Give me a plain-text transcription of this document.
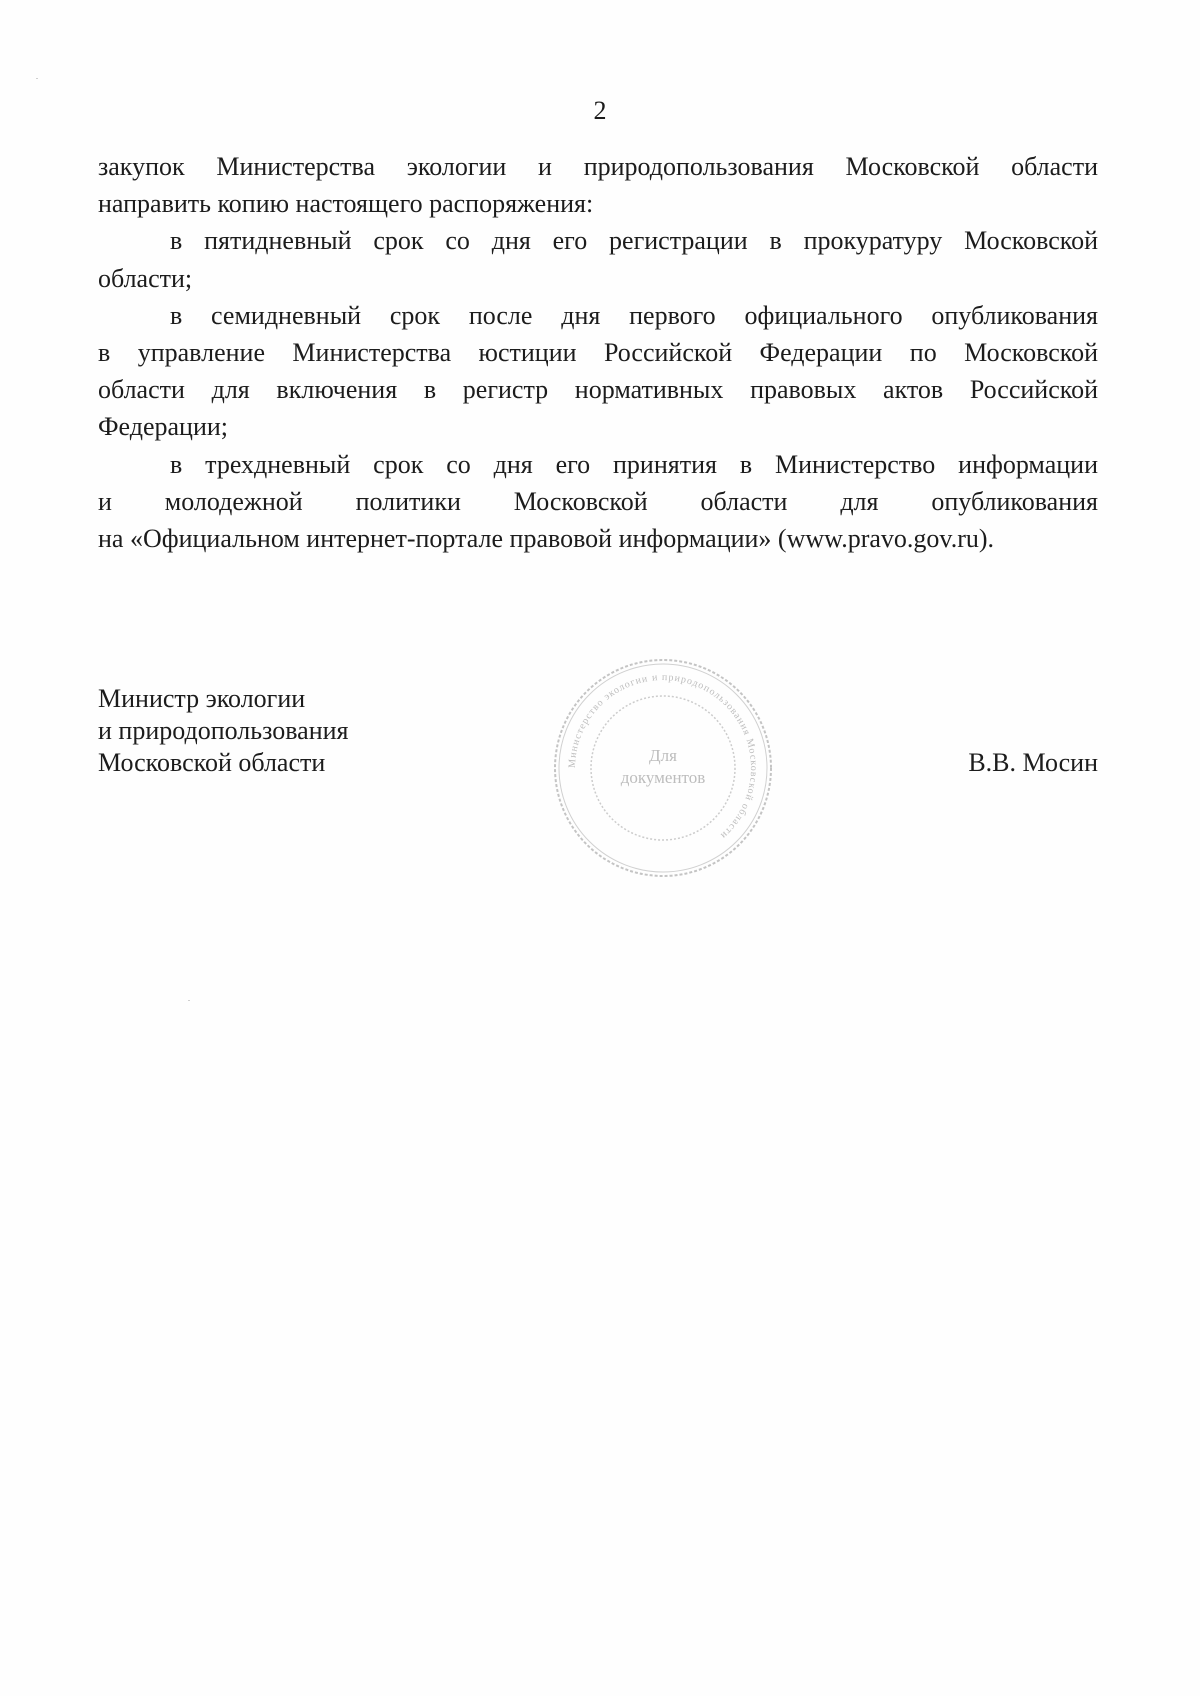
2

закупок Министерства экологии и природопользования Московской области
направить копию настоящего распоряжения:

в пятидневный срок со дня его регистрации в прокуратуру Московской
области;

в семидневный срок после дня первого официального опубликования
в управление Министерства юстиции Российской Федерации по Московской
области для включения в регистр нормативных правовых актов Российской
Федерации;

в трехдневный срок со дня его принятия в Министерство информации
и молодежной политики Московской области для опубликования
на «Официальном интернет-портале правовой информации» (www.pravo.gov.ru).

Министр экологии
и природопользования
Московской области	Министерство экологии и природопользования Московской области
Для
документов
В.В. Мосин
